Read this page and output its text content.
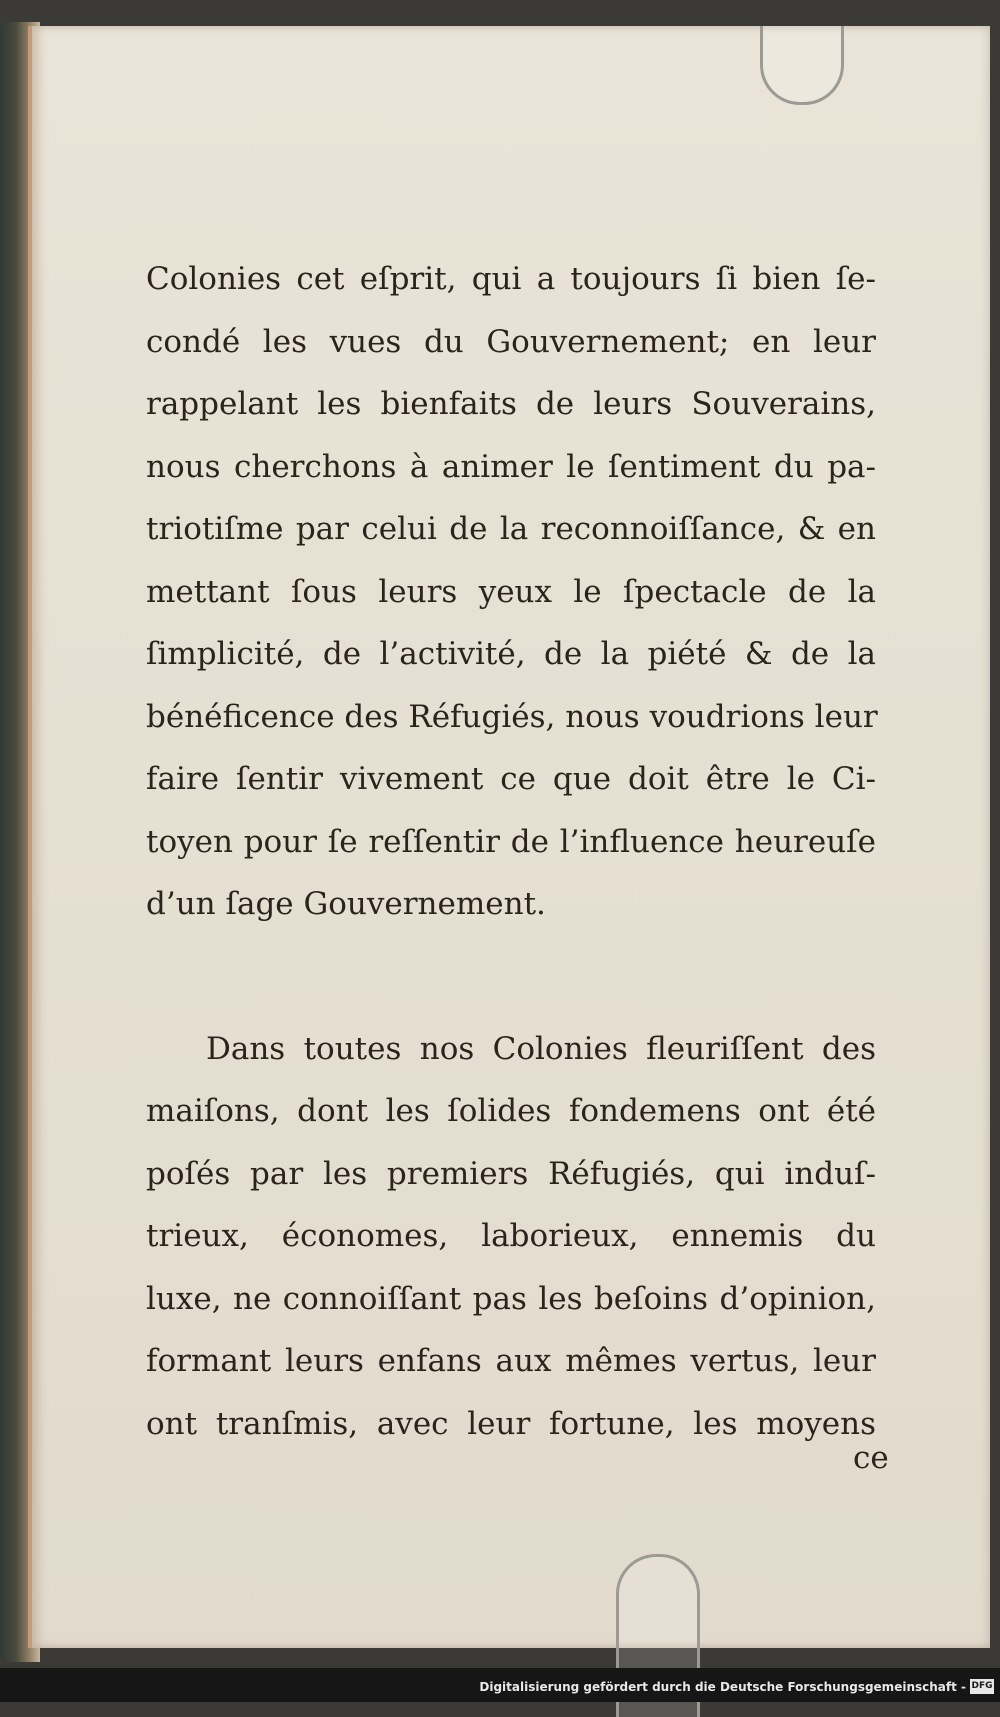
Colonies cet eſprit, qui a toujours ſi bien ſe-
condé les vues du Gouvernement; en leur
rappelant les bienfaits de leurs Souverains,
nous cherchons à animer le ſentiment du pa-
triotiſme par celui de la reconnoiſſance, & en
mettant ſous leurs yeux le ſpectacle de la
ſimplicité, de l’activité, de la piété & de la
bénéficence des Réfugiés, nous voudrions leur
faire ſentir vivement ce que doit être le Ci-
toyen pour ſe reſſentir de l’influence heureuſe
d’un ſage Gouvernement.
Dans toutes nos Colonies fleuriſſent des
maiſons, dont les ſolides fondemens ont été
poſés par les premiers Réfugiés, qui induſ-
trieux, économes, laborieux, ennemis du
luxe, ne connoiſſant pas les beſoins d’opinion,
formant leurs enfans aux mêmes vertus, leur
ont tranſmis, avec leur fortune, les moyens
ce
Digitalisierung gefördert durch die Deutsche Forschungsgemeinschaft - DFG
